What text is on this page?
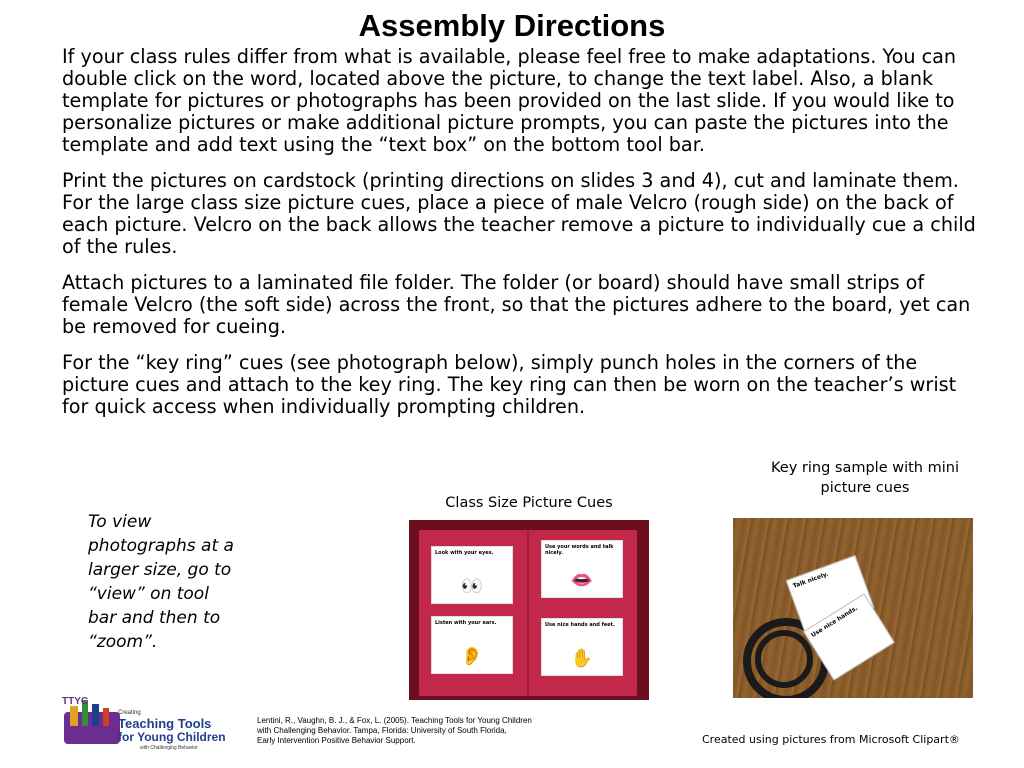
Assembly Directions

If your class rules differ from what is available, please feel free to make adaptations. You can double click on the word, located above the picture, to change the text label. Also, a blank template for pictures or photographs has been provided on the last slide. If you would like to personalize pictures or make additional picture prompts, you can paste the pictures into the template and add text using the “text box” on the bottom tool bar.

Print the pictures on cardstock (printing directions on slides 3 and 4), cut and laminate them. For the large class size picture cues, place a piece of male Velcro (rough side) on the back of each picture. Velcro on the back allows the teacher remove a picture to individually cue a child of the rules.

Attach pictures to a laminated file folder. The folder (or board) should have small strips of female Velcro (the soft side) across the front, so that the pictures adhere to the board, yet can be removed for cueing.

For the “key ring” cues (see photograph below), simply punch holes in the corners of the picture cues and attach to the key ring. The key ring can then be worn on the teacher’s wrist for quick access when individually prompting children.

Key ring sample with mini picture cues
Class Size Picture Cues
To view photographs at a larger size, go to “view” on tool bar and then to “zoom”.
Look with your eyes.
👀
Use your words and talk nicely.
👄
Listen with your ears.
👂
Use nice hands and feet.
✋
Talk nicely.
Use nice hands.
TTYC
Creating
Teaching Tools
for Young Children
with Challenging Behavior
Lentini, R., Vaughn, B. J., & Fox, L. (2005). Teaching Tools for Young Children
with Challenging Behavior. Tampa, Florida: University of South Florida,
Early Intervention Positive Behavior Support.	Created using pictures from Microsoft Clipart®
